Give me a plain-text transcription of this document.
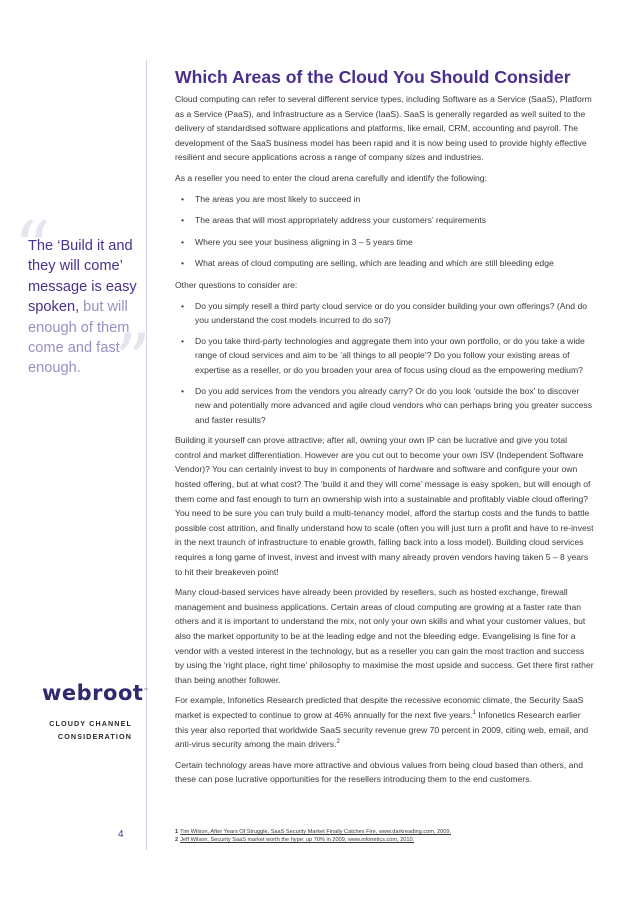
“
”
The ‘Build it and they will come’ message is easy spoken, but will enough of them come and fast enough.
webroot™
CLOUDY CHANNEL CONSIDERATION
4
Which Areas of the Cloud You Should Consider

Cloud computing can refer to several different service types, including Software as a Service (SaaS), Platform as a Service (PaaS), and Infrastructure as a Service (IaaS). SaaS is generally regarded as well suited to the delivery of standardised software applications and platforms, like email, CRM, accounting and payroll. The development of the SaaS business model has been rapid and it is now being used to provide highly effective resilient and secure applications across a range of company sizes and industries.

As a reseller you need to enter the cloud arena carefully and identify the following:

• The areas you are most likely to succeed in
• The areas that will most appropriately address your customers’ requirements
• Where you see your business aligning in 3 – 5 years time
• What areas of cloud computing are selling, which are leading and which are still bleeding edge

Other questions to consider are:

• Do you simply resell a third party cloud service or do you consider building your own offerings? (And do you understand the cost models incurred to do so?)
• Do you take third-party technologies and aggregate them into your own portfolio, or do you take a wide range of cloud services and aim to be ‘all things to all people’? Do you follow your existing areas of expertise as a reseller, or do you broaden your area of focus using cloud as the empowering medium?
• Do you add services from the vendors you already carry? Or do you look ‘outside the box’ to discover new and potentially more advanced and agile cloud vendors who can perhaps bring you greater success and faster results?

Building it yourself can prove attractive; after all, owning your own IP can be lucrative and give you total control and market differentiation. However are you cut out to become your own ISV (Independent Software Vendor)? You can certainly invest to buy in components of hardware and software and configure your own hosted offering, but at what cost? The ‘build it and they will come’ message is easy spoken, but will enough of them come and fast enough to turn an ownership wish into a sustainable and profitably viable cloud offering? You need to be sure you can truly build a multi-tenancy model, afford the startup costs and the funds to battle possible cost attrition, and finally understand how to scale (often you will just turn a profit and have to re-invest in the next traunch of infrastructure to enable growth, falling back into a loss model). Building cloud services requires a long game of invest, invest and invest with many already proven vendors having taken 5 – 8 years to hit their breakeven point!

Many cloud-based services have already been provided by resellers, such as hosted exchange, firewall management and business applications. Certain areas of cloud computing are growing at a faster rate than others and it is important to understand the mix, not only your own skills and what your customer values, but also the market opportunity to be at the leading edge and not the bleeding edge. Evangelising is fine for a vendor with a vested interest in the technology, but as a reseller you can gain the most traction and success by using the ‘right place, right time’ philosophy to maximise the most upside and success. Get there first rather than being another follower.

For example, Infonetics Research predicted that despite the recessive economic climate, the Security SaaS market is expected to continue to grow at 46% annually for the next five years.$^1$ Infonetics Research earlier this year also reported that worldwide SaaS security revenue grew 70 percent in 2009, citing web, email, and anti-virus security among the main drivers.$^2$

Certain technology areas have more attractive and obvious values from being cloud based than others, and these can pose lucrative opportunities for the resellers introducing them to the end customers.

1 Tim Wilson, After Years Of Struggle, SaaS Security Market Finally Catches Fire, www.darkreading.com, 2009.
2 Jeff Wilson, Security SaaS market worth the hype: up 70% in 2009, www.infonetics.com, 2010.
